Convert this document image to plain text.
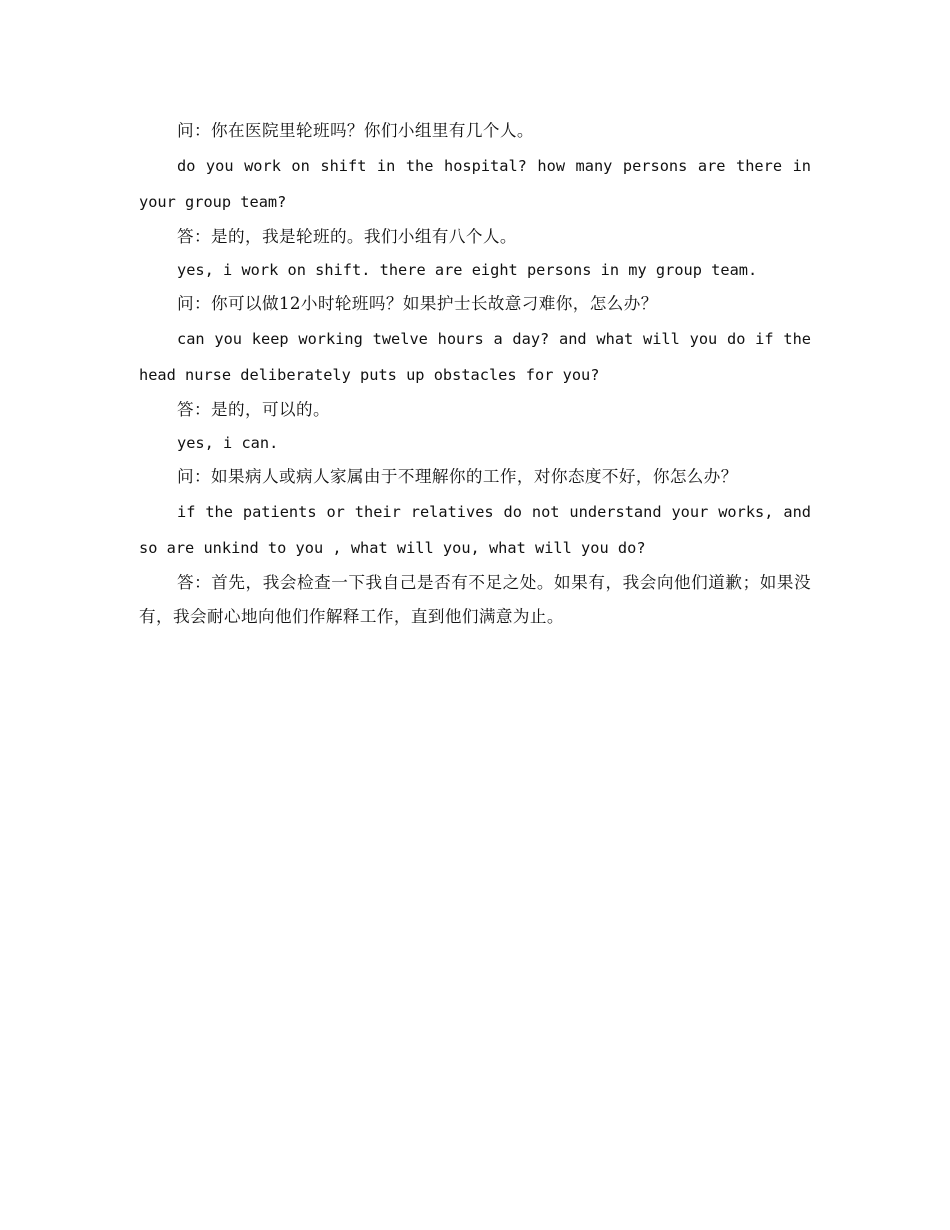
问：你在医院里轮班吗？你们小组里有几个人。

do you work on shift in the hospital? how many persons are there in your group team?

答：是的，我是轮班的。我们小组有八个人。

yes, i work on shift. there are eight persons in my group team.

问：你可以做12小时轮班吗？如果护士长故意刁难你，怎么办？

can you keep working twelve hours a day? and what will you do if the head nurse deliberately puts up obstacles for you?

答：是的，可以的。

yes, i can.

问：如果病人或病人家属由于不理解你的工作，对你态度不好，你怎么办？

if the patients or their relatives do not understand your works, and so are unkind to you , what will you, what will you do?

答：首先，我会检查一下我自己是否有不足之处。如果有，我会向他们道歉；如果没有，我会耐心地向他们作解释工作，直到他们满意为止。
